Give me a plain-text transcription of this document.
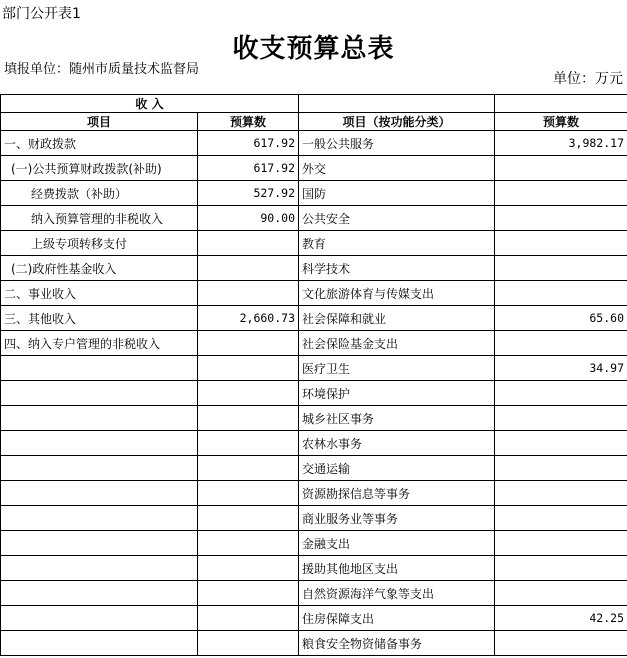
部门公开表1
收支预算总表
填报单位：随州市质量技术监督局
单位：万元
收 入			
项目	预算数	项目（按功能分类）	预算数
一、财政拨款	617.92	一般公共服务	3,982.17
(一)公共预算财政拨款(补助)	617.92	外交	
经费拨款（补助）	527.92	国防	
纳入预算管理的非税收入	90.00	公共安全	
上级专项转移支付		教育	
(二)政府性基金收入		科学技术	
二、事业收入		文化旅游体育与传媒支出	
三、其他收入	2,660.73	社会保障和就业	65.60
四、纳入专户管理的非税收入		社会保险基金支出	
		医疗卫生	34.97
		环境保护	
		城乡社区事务	
		农林水事务	
		交通运输	
		资源勘探信息等事务	
		商业服务业等事务	
		金融支出	
		援助其他地区支出	
		自然资源海洋气象等支出	
		住房保障支出	42.25
		粮食安全物资储备事务	
